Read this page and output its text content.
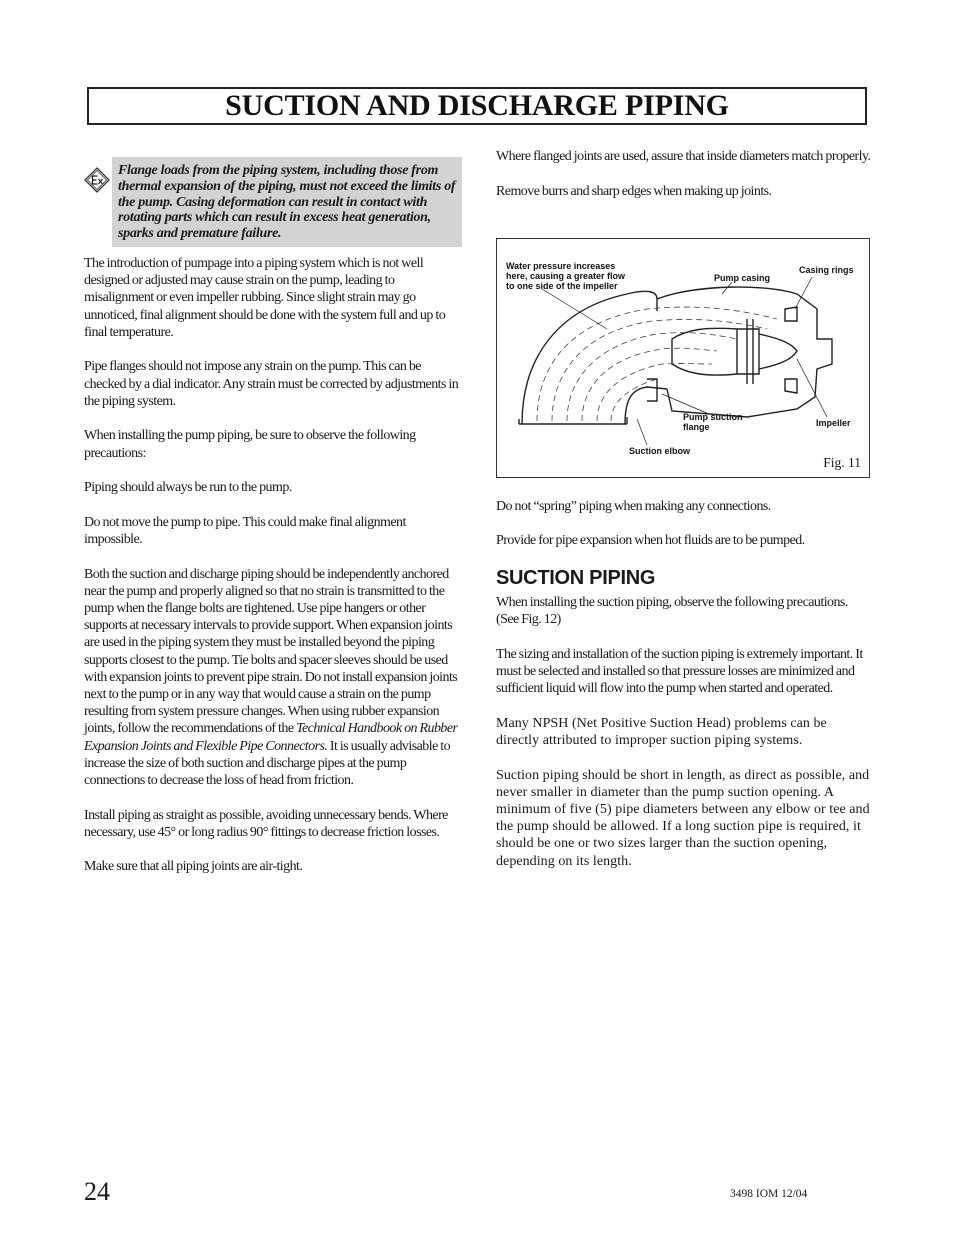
SUCTION AND DISCHARGE PIPING
Flange loads from the piping system, including those from thermal expansion of the piping, must not exceed the limits of the pump. Casing deformation can result in contact with rotating parts which can result in excess heat generation, sparks and premature failure.

The introduction of pumpage into a piping system which is not well designed or adjusted may cause strain on the pump, leading to misalignment or even impeller rubbing. Since slight strain may go unnoticed, final alignment should be done with the system full and up to final temperature.

Pipe flanges should not impose any strain on the pump. This can be checked by a dial indicator. Any strain must be corrected by adjustments in the piping system.

When installing the pump piping, be sure to observe the following precautions:

Piping should always be run to the pump.

Do not move the pump to pipe. This could make final alignment impossible.

Both the suction and discharge piping should be independently anchored near the pump and properly aligned so that no strain is transmitted to the pump when the flange bolts are tightened. Use pipe hangers or other supports at necessary intervals to provide support. When expansion joints are used in the piping system they must be installed beyond the piping supports closest to the pump. Tie bolts and spacer sleeves should be used with expansion joints to prevent pipe strain. Do not install expansion joints next to the pump or in any way that would cause a strain on the pump resulting from system pressure changes. When using rubber expansion joints, follow the recommendations of the Technical Handbook on Rubber Expansion Joints and Flexible Pipe Connectors. It is usually advisable to increase the size of both suction and discharge pipes at the pump connections to decrease the loss of head from friction.

Install piping as straight as possible, avoiding unnecessary bends. Where necessary, use 45° or long radius 90° fittings to decrease friction losses.

Make sure that all piping joints are air-tight.

Where flanged joints are used, assure that inside diameters match properly.

Remove burrs and sharp edges when making up joints.

Water pressure increases here, causing a greater flow to one side of the impeller
Pump casing
Casing rings
Pump suction flange	Impeller
Suction elbow
Fig. 11

Do not “spring” piping when making any connections.

Provide for pipe expansion when hot fluids are to be pumped.

SUCTION PIPING

When installing the suction piping, observe the following precautions. (See Fig. 12)

The sizing and installation of the suction piping is extremely important. It must be selected and installed so that pressure losses are minimized and sufficient liquid will flow into the pump when started and operated.

Many NPSH (Net Positive Suction Head) problems can be directly attributed to improper suction piping systems.

Suction piping should be short in length, as direct as possible, and never smaller in diameter than the pump suction opening. A minimum of five (5) pipe diameters between any elbow or tee and the pump should be allowed. If a long suction pipe is required, it should be one or two sizes larger than the suction opening, depending on its length.

24	3498 IOM 12/04
